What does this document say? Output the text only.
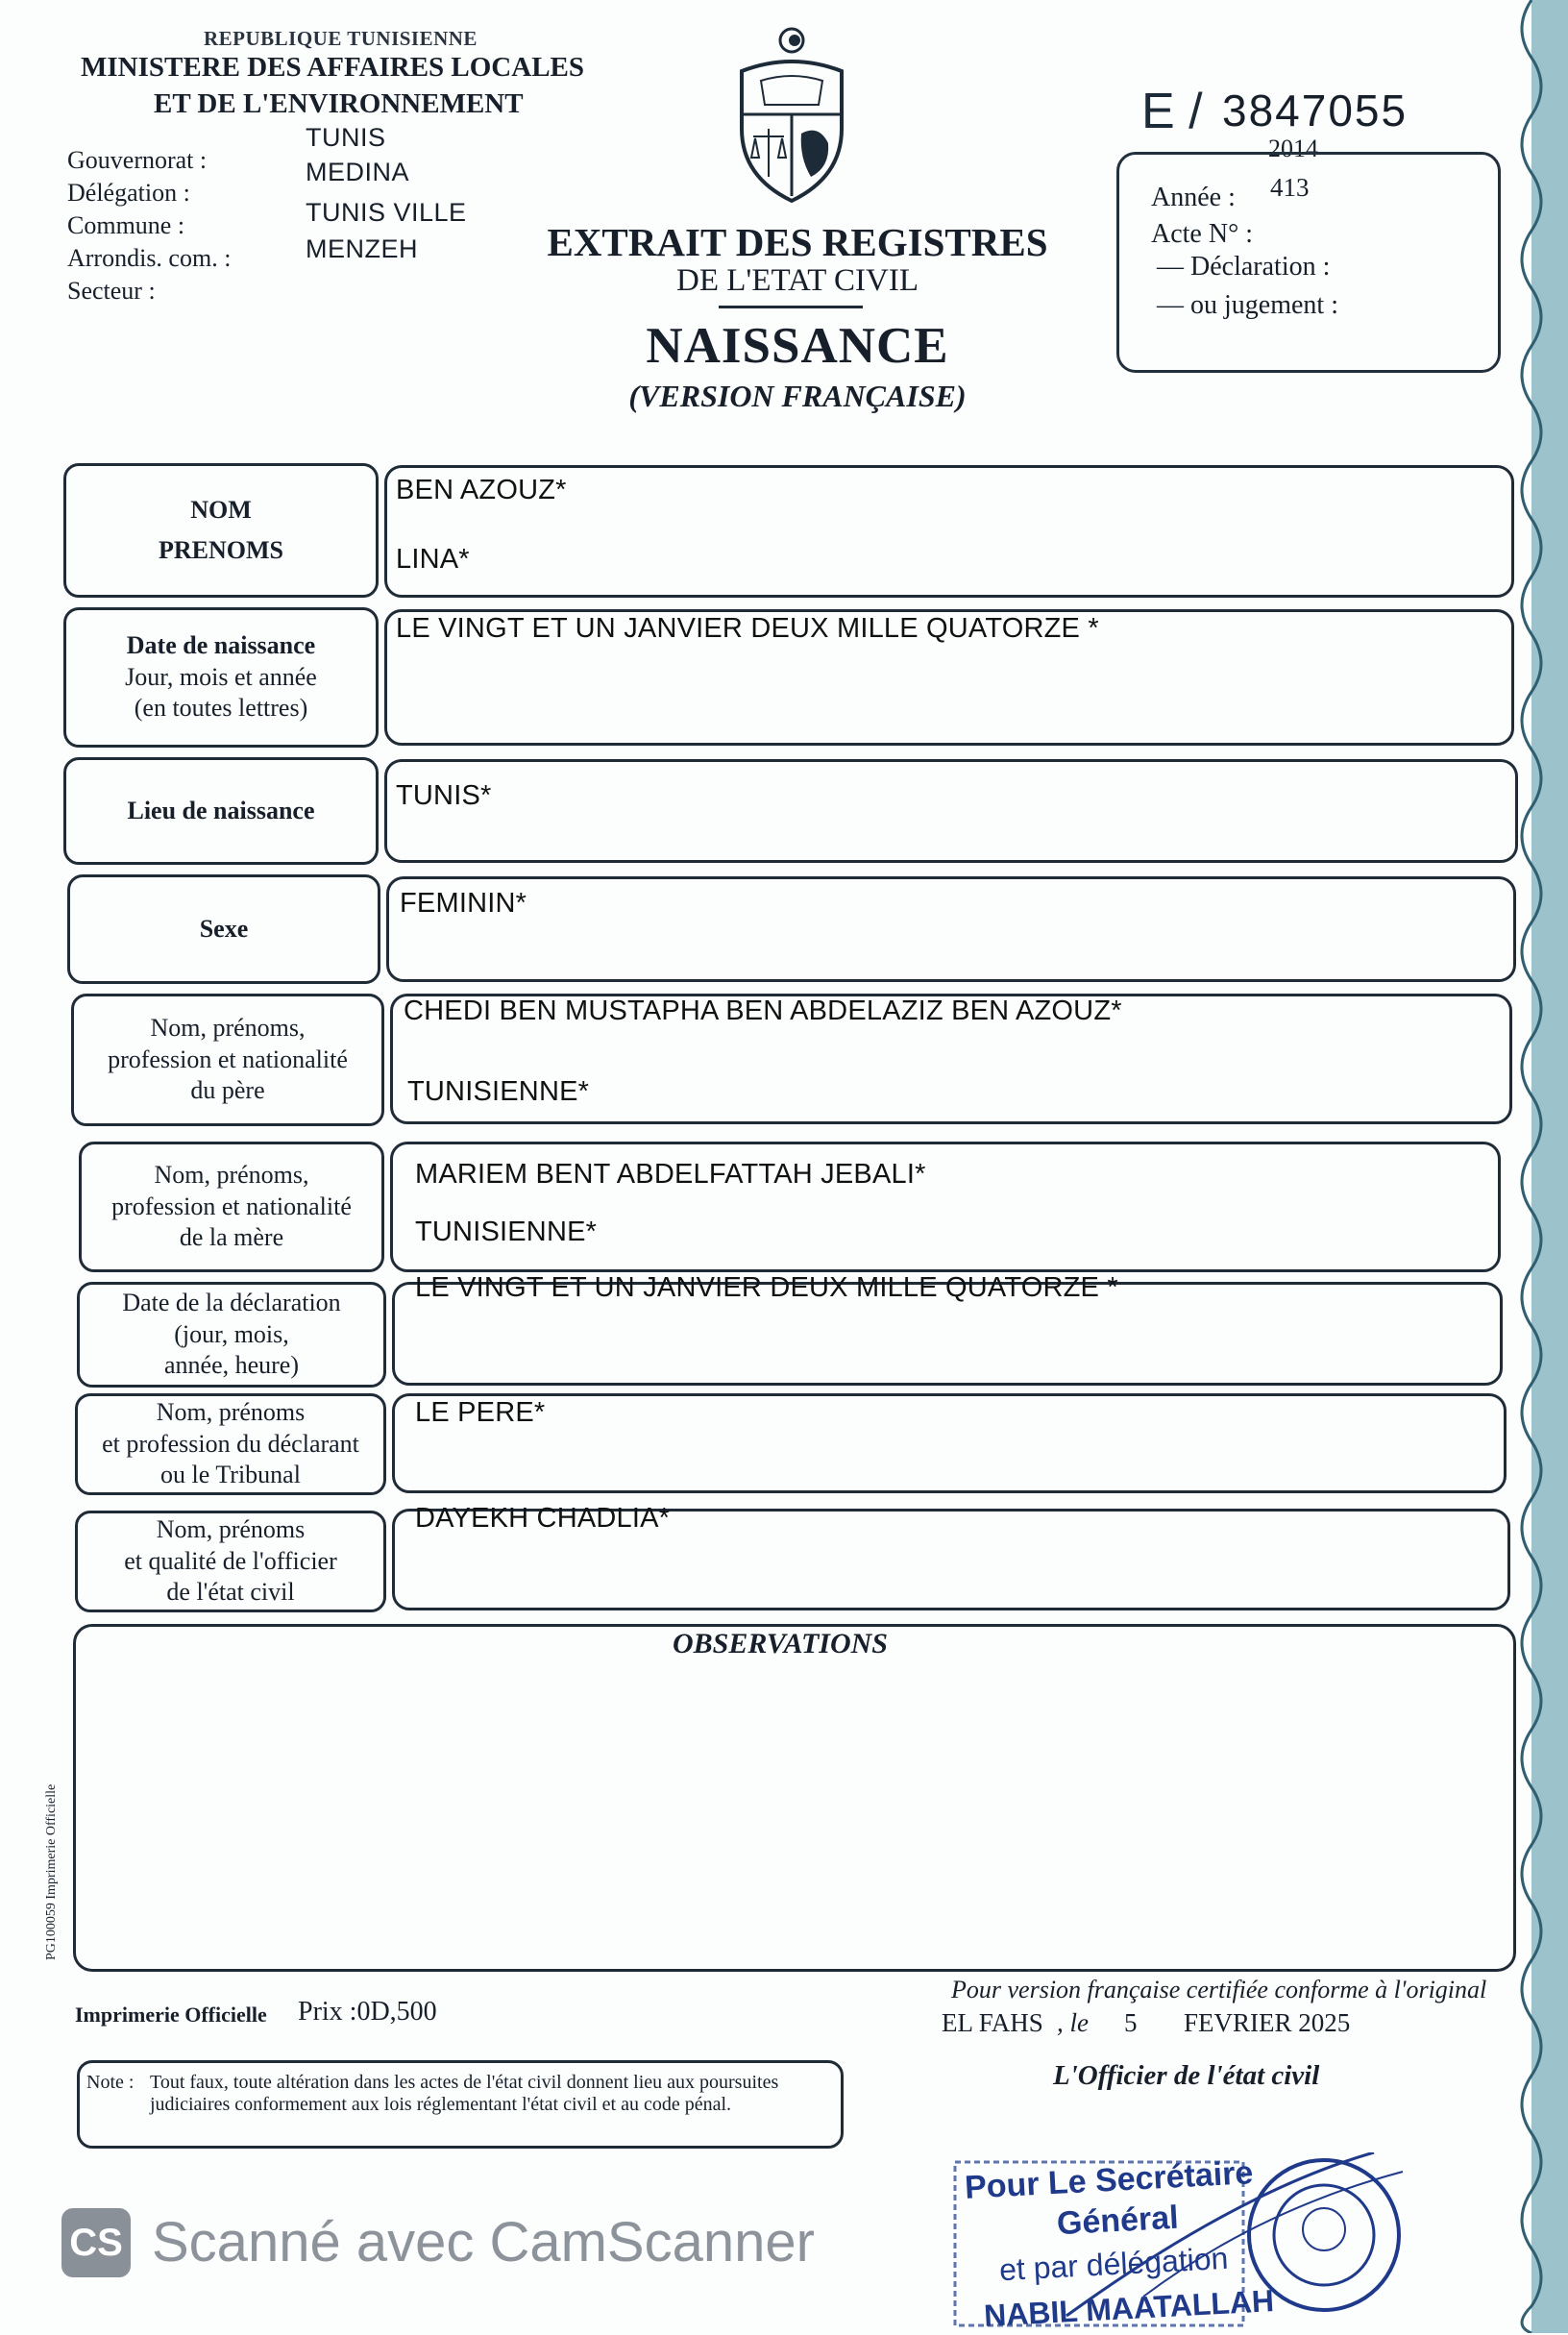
REPUBLIQUE TUNISIENNE
MINISTERE DES AFFAIRES LOCALES
ET DE L'ENVIRONNEMENT
Gouvernorat :
Délégation :
Commune :
Arrondis. com. :
Secteur :
TUNIS
MEDINA
TUNIS VILLE
MENZEH	EXTRAIT DES REGISTRES
DE L'ETAT CIVIL
NAISSANCE
(VERSION FRANÇAISE)
E / 3847055
2014
Année : 413
Acte N° :
— Déclaration :
— ou jugement :
NOM
PRENOMS
BEN AZOUZ*
LINA*
Date de naissance
Jour, mois et année
(en toutes lettres)
LE VINGT ET UN JANVIER DEUX MILLE QUATORZE *
Lieu de naissance	TUNIS*
Sexe
FEMININ*
Nom, prénoms,
profession et nationalité
du père
CHEDI BEN MUSTAPHA BEN ABDELAZIZ BEN AZOUZ*
TUNISIENNE*
Nom, prénoms,
profession et nationalité
de la mère
MARIEM BENT ABDELFATTAH JEBALI*
TUNISIENNE*
Date de la déclaration
(jour, mois,
année, heure)
LE VINGT ET UN JANVIER DEUX MILLE QUATORZE *
Nom, prénoms
et profession du déclarant
ou le Tribunal
LE PERE*
Nom, prénoms
et qualité de l'officier
de l'état civil
DAYEKH CHADLIA*
OBSERVATIONS
PG100059 Imprimerie Officielle
Imprimerie Officielle Prix :0D,500
Note : Tout faux, toute altération dans les actes de l'état civil donnent lieu aux poursuites judiciaires conformement aux lois réglementant l'état civil et au code pénal.
Pour version française certifiée conforme à l'original
EL FAHS , le 5 FEVRIER 2025
L'Officier de l'état civil
Pour Le Secrétaire
Général
et par délégation
NABIL MAATALLAH
CS Scanné avec CamScanner
